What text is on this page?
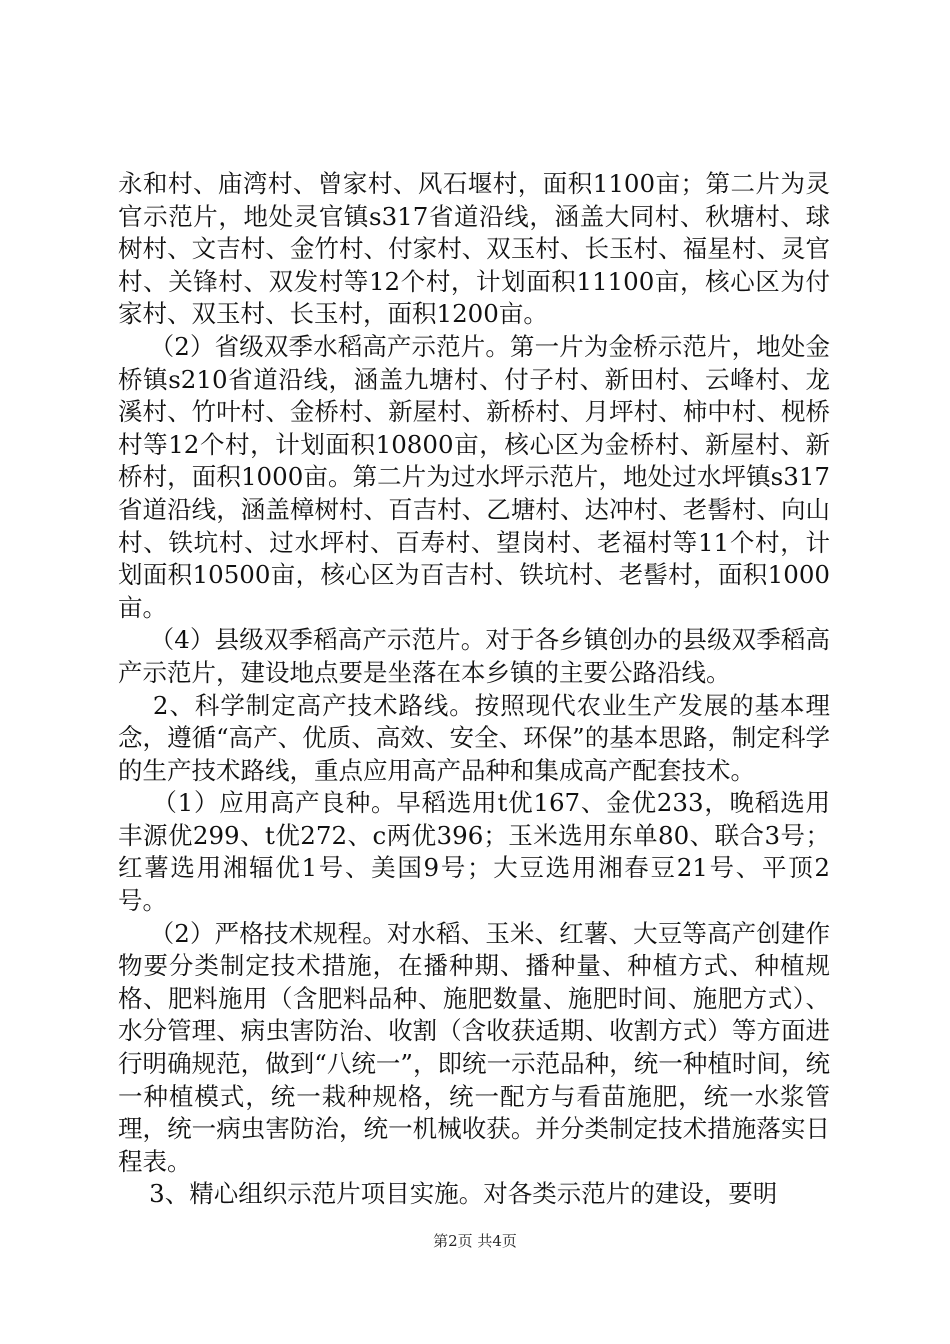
永和村、庙湾村、曾家村、风石堰村，面积1100亩；第二片为灵官示范片，地处灵官镇s317省道沿线，涵盖大同村、秋塘村、球树村、文吉村、金竹村、付家村、双玉村、长玉村、福星村、灵官村、关锋村、双发村等12个村，计划面积11100亩，核心区为付家村、双玉村、长玉村，面积1200亩。

（2）省级双季水稻高产示范片。第一片为金桥示范片，地处金桥镇s210省道沿线，涵盖九塘村、付子村、新田村、云峰村、龙溪村、竹叶村、金桥村、新屋村、新桥村、月坪村、柿中村、枧桥村等12个村，计划面积10800亩，核心区为金桥村、新屋村、新桥村，面积1000亩。第二片为过水坪示范片，地处过水坪镇s317省道沿线，涵盖樟树村、百吉村、乙塘村、达冲村、老髻村、向山村、铁坑村、过水坪村、百寿村、望岗村、老福村等11个村，计划面积10500亩，核心区为百吉村、铁坑村、老髻村，面积1000亩。

（4）县级双季稻高产示范片。对于各乡镇创办的县级双季稻高产示范片，建设地点要是坐落在本乡镇的主要公路沿线。

2、科学制定高产技术路线。按照现代农业生产发展的基本理念，遵循“高产、优质、高效、安全、环保”的基本思路，制定科学的生产技术路线，重点应用高产品种和集成高产配套技术。

（1）应用高产良种。早稻选用t优167、金优233，晚稻选用丰源优299、t优272、c两优396；玉米选用东单80、联合3号；红薯选用湘辐优1号、美国9号；大豆选用湘春豆21号、平顶2号。

（2）严格技术规程。对水稻、玉米、红薯、大豆等高产创建作物要分类制定技术措施，在播种期、播种量、种植方式、种植规格、肥料施用（含肥料品种、施肥数量、施肥时间、施肥方式）、水分管理、病虫害防治、收割（含收获适期、收割方式）等方面进行明确规范，做到“八统一”，即统一示范品种，统一种植时间，统一种植模式，统一栽种规格，统一配方与看苗施肥，统一水浆管理，统一病虫害防治，统一机械收获。并分类制定技术措施落实日程表。

3、精心组织示范片项目实施。对各类示范片的建设，要明

第2页 共4页
